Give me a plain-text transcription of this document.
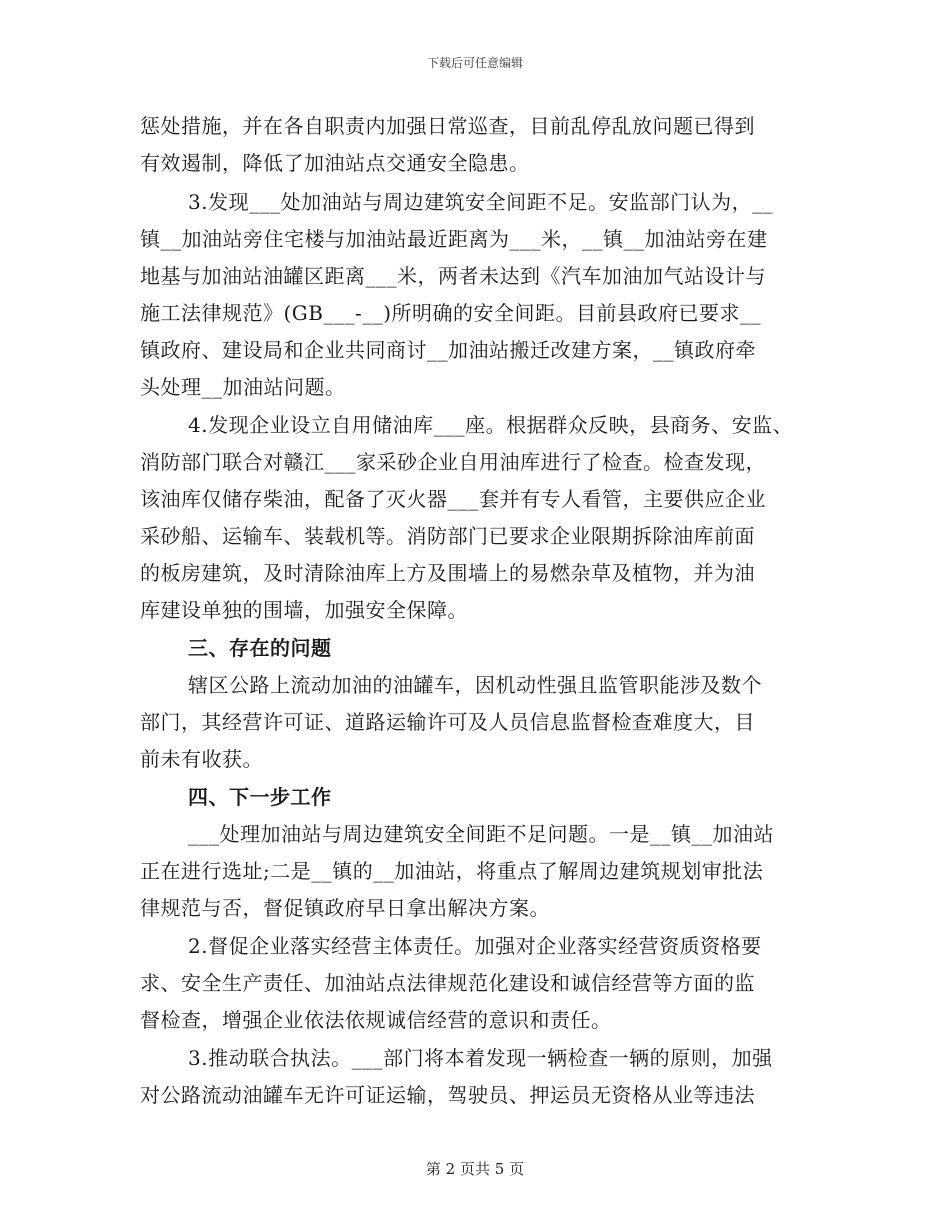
下载后可任意编辑
惩处措施，并在各自职责内加强日常巡查，目前乱停乱放问题已得到
有效遏制，降低了加油站点交通安全隐患。
3.发现___处加油站与周边建筑安全间距不足。安监部门认为，__
镇__加油站旁住宅楼与加油站最近距离为___米，__镇__加油站旁在建
地基与加油站油罐区距离___米，两者未达到《汽车加油加气站设计与
施工法律规范》(GB___-__)所明确的安全间距。目前县政府已要求__
镇政府、建设局和企业共同商讨__加油站搬迁改建方案，__镇政府牵
头处理__加油站问题。
4.发现企业设立自用储油库___座。根据群众反映，县商务、安监、
消防部门联合对赣江___家采砂企业自用油库进行了检查。检查发现，
该油库仅储存柴油，配备了灭火器___套并有专人看管，主要供应企业
采砂船、运输车、装载机等。消防部门已要求企业限期拆除油库前面
的板房建筑，及时清除油库上方及围墙上的易燃杂草及植物，并为油
库建设单独的围墙，加强安全保障。
三、存在的问题
辖区公路上流动加油的油罐车，因机动性强且监管职能涉及数个
部门，其经营许可证、道路运输许可及人员信息监督检查难度大，目
前未有收获。
四、下一步工作
___处理加油站与周边建筑安全间距不足问题。一是__镇__加油站
正在进行选址;二是__镇的__加油站，将重点了解周边建筑规划审批法
律规范与否，督促镇政府早日拿出解决方案。
2.督促企业落实经营主体责任。加强对企业落实经营资质资格要
求、安全生产责任、加油站点法律规范化建设和诚信经营等方面的监
督检查，增强企业依法依规诚信经营的意识和责任。
3.推动联合执法。___部门将本着发现一辆检查一辆的原则，加强
对公路流动油罐车无许可证运输，驾驶员、押运员无资格从业等违法
第 2 页共 5 页
